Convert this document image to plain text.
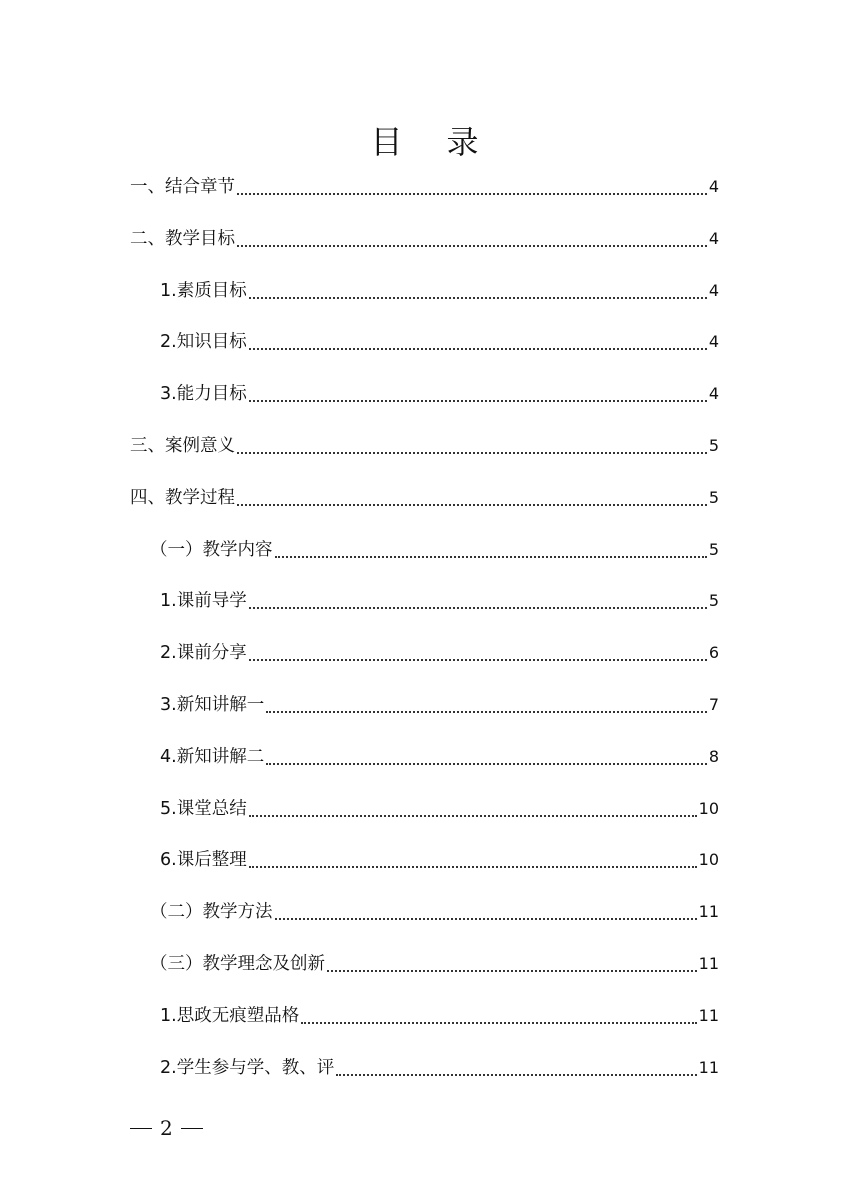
目 录
一、结合章节	4
二、教学目标	4
1.素质目标	4
2.知识目标	4
3.能力目标	4
三、案例意义	5
四、教学过程	5
（一）教学内容	5
1.课前导学	5
2.课前分享	6
3.新知讲解一	7
4.新知讲解二	8
5.课堂总结	10
6.课后整理	10
（二）教学方法	11
（三）教学理念及创新	11
1.思政无痕塑品格	11
2.学生参与学、教、评	11
2
